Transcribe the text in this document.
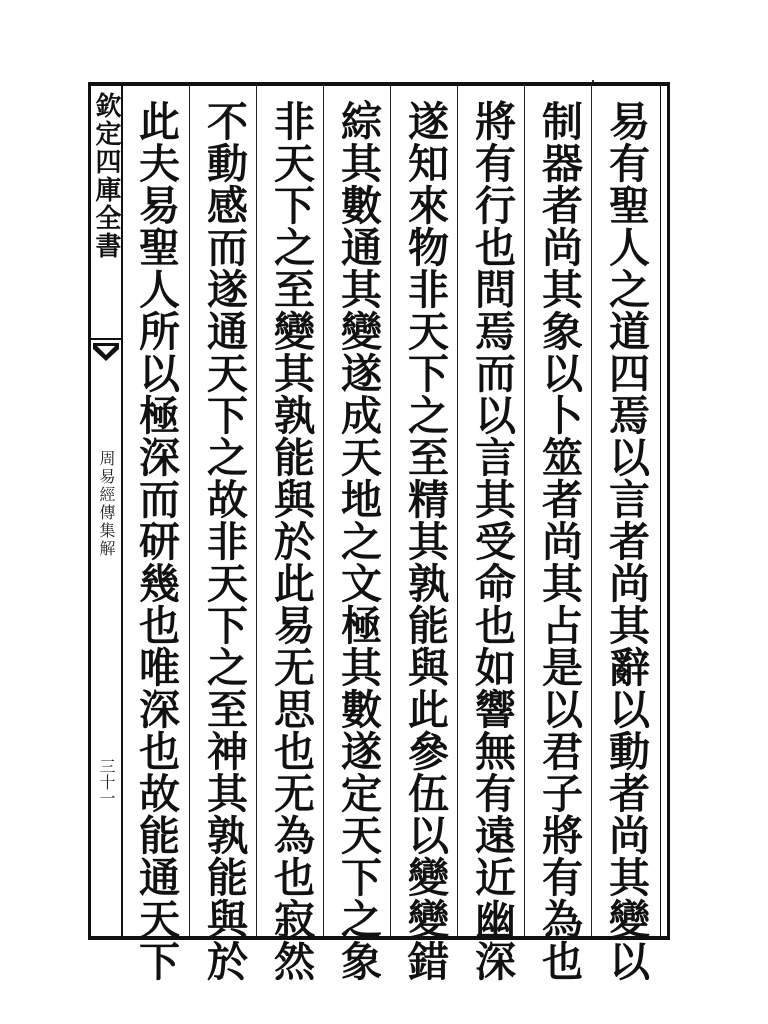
欽定四庫全書
周易經傳集解
三十一	易有聖人之道四焉以言者尚其辭以動者尚其變以
制器者尚其象以卜筮者尚其占是以君子將有為也
將有行也問焉而以言其受命也如響無有遠近幽深
遂知來物非天下之至精其孰能與此參伍以變變錯
綜其數通其變遂成天地之文極其數遂定天下之象
非天下之至變其孰能與於此易无思也无為也寂然
不動感而遂通天下之故非天下之至神其孰能與於
此夫易聖人所以極深而研幾也唯深也故能通天下
